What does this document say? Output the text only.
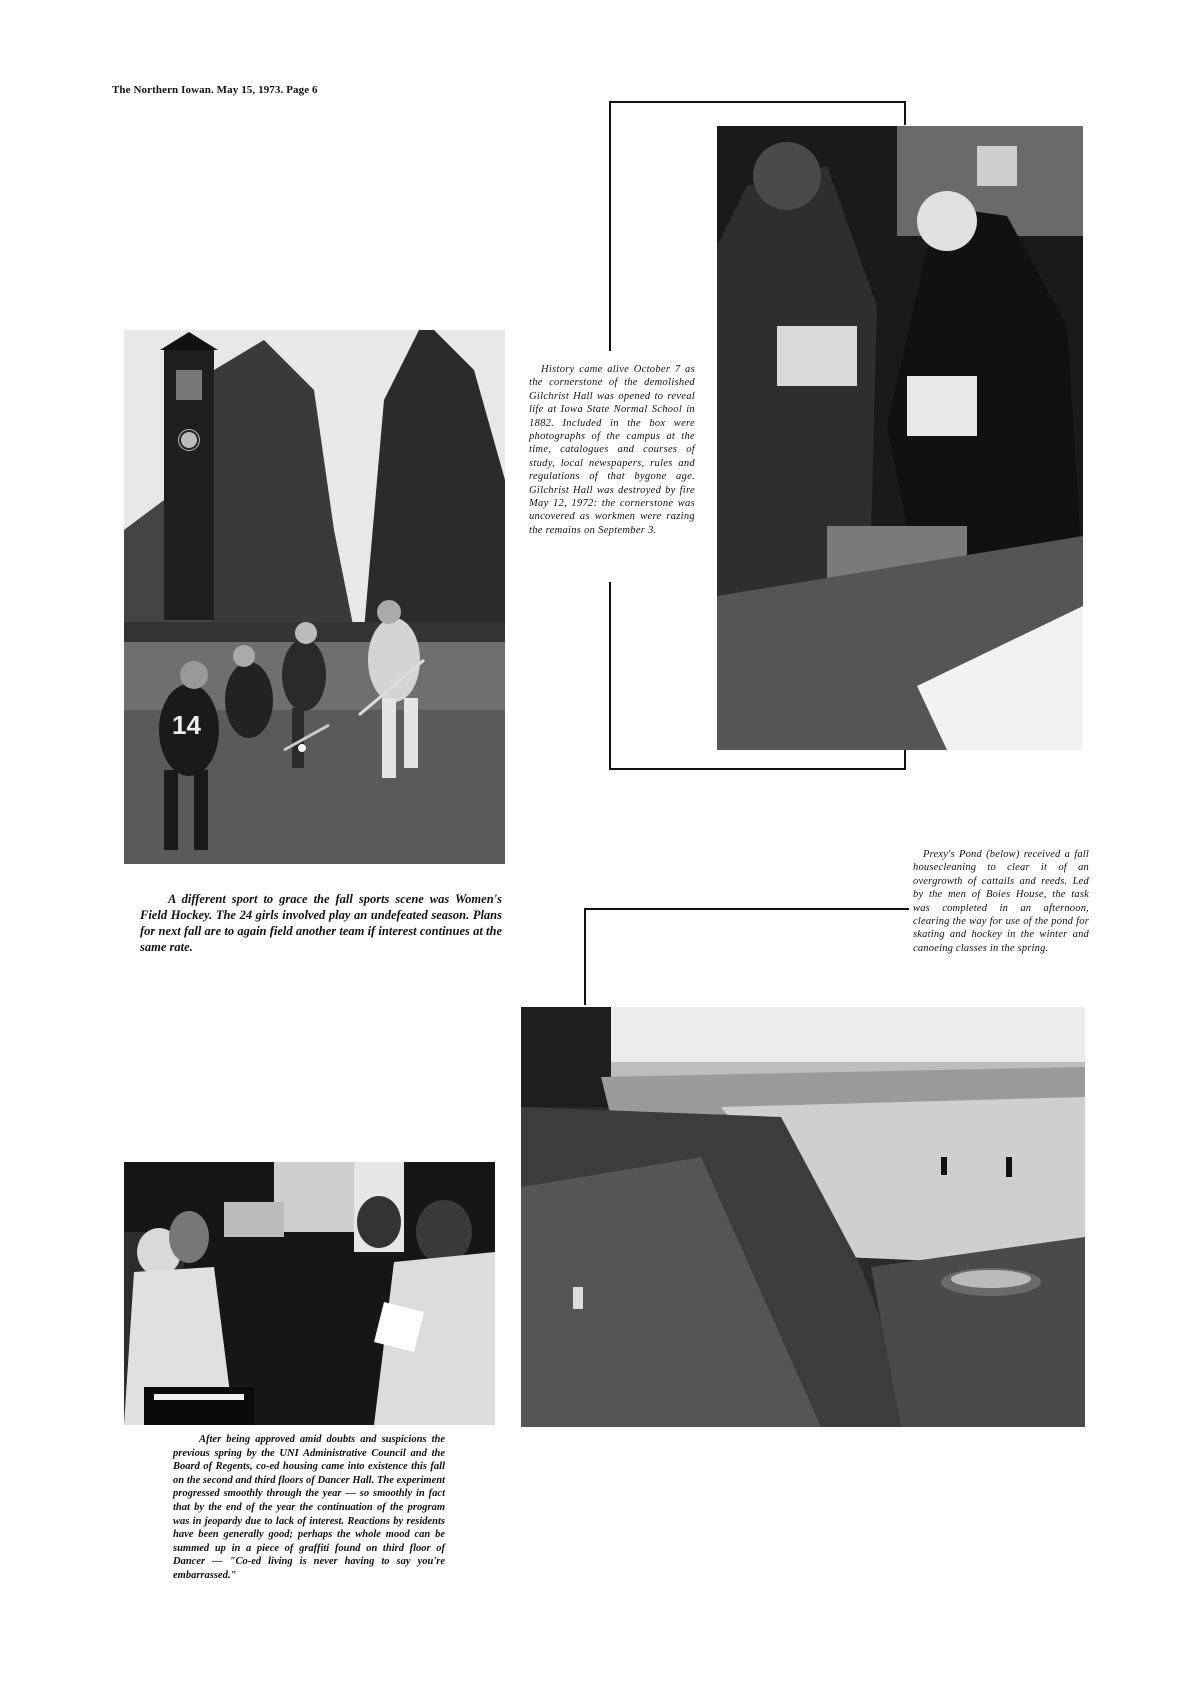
The Northern Iowan. May 15, 1973. Page 6
14
A different sport to grace the fall sports scene was Women's Field Hockey. The 24 girls involved play an undefeated season. Plans for next fall are to again field another team if interest continues at the same rate.
History came alive October 7 as the cornerstone of the demolished Gilchrist Hall was opened to reveal life at Iowa State Normal School in 1882. Included in the box were photographs of the campus at the time, catalogues and courses of study, local newspapers, rules and regulations of that bygone age. Gilchrist Hall was destroyed by fire May 12, 1972: the cornerstone was uncovered as workmen were razing the remains on September 3.
Prexy's Pond (below) received a fall housecleaning to clear it of an overgrowth of cattails and reeds. Led by the men of Boies House, the task was completed in an afternoon, clearing the way for use of the pond for skating and hockey in the winter and canoeing classes in the spring.
After being approved amid doubts and suspicions the previous spring by the UNI Administrative Council and the Board of Regents, co-ed housing came into existence this fall on the second and third floors of Dancer Hall. The experiment progressed smoothly through the year — so smoothly in fact that by the end of the year the continuation of the program was in jeopardy due to lack of interest. Reactions by residents have been generally good; perhaps the whole mood can be summed up in a piece of graffiti found on third floor of Dancer — "Co-ed living is never having to say you're embarrassed."
